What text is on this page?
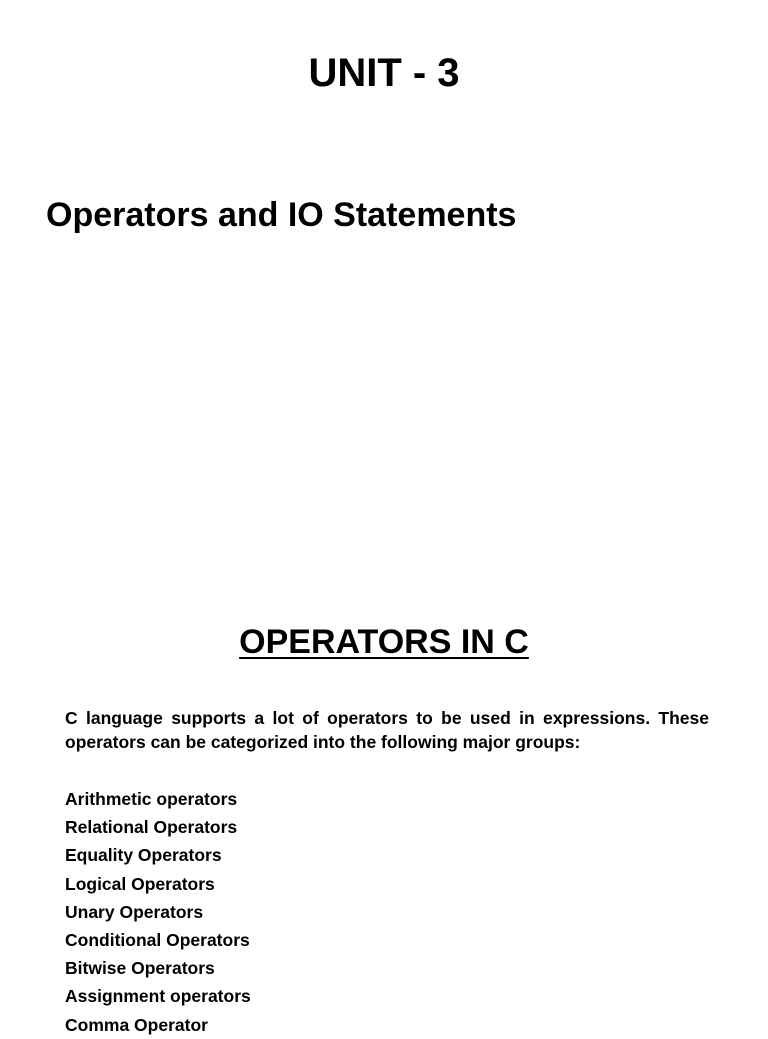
UNIT - 3
Operators and IO Statements
OPERATORS IN C

C language supports a lot of operators to be used in expressions. These operators can be categorized into the following major groups:

Arithmetic operators
Relational Operators
Equality Operators
Logical Operators
Unary Operators
Conditional Operators
Bitwise Operators
Assignment operators
Comma Operator
